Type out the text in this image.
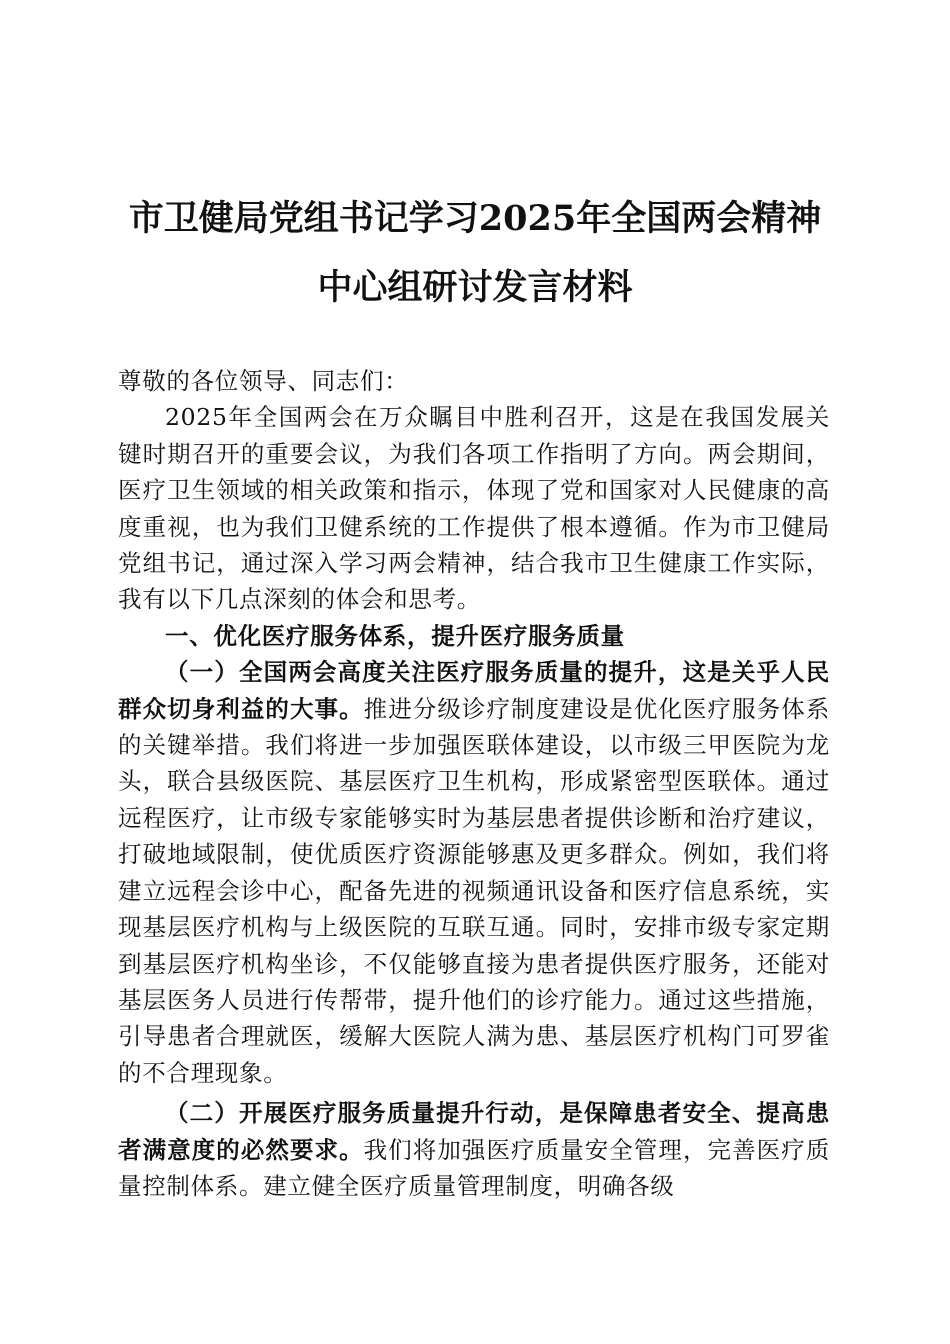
市卫健局党组书记学习2025年全国两会精神
中心组研讨发言材料

尊敬的各位领导、同志们：

2025年全国两会在万众瞩目中胜利召开，这是在我国发展关键时期召开的重要会议，为我们各项工作指明了方向。两会期间，医疗卫生领域的相关政策和指示，体现了党和国家对人民健康的高度重视，也为我们卫健系统的工作提供了根本遵循。作为市卫健局党组书记，通过深入学习两会精神，结合我市卫生健康工作实际，我有以下几点深刻的体会和思考。

一、优化医疗服务体系，提升医疗服务质量

（一）全国两会高度关注医疗服务质量的提升，这是关乎人民群众切身利益的大事。推进分级诊疗制度建设是优化医疗服务体系的关键举措。我们将进一步加强医联体建设，以市级三甲医院为龙头，联合县级医院、基层医疗卫生机构，形成紧密型医联体。通过远程医疗，让市级专家能够实时为基层患者提供诊断和治疗建议，打破地域限制，使优质医疗资源能够惠及更多群众。例如，我们将建立远程会诊中心，配备先进的视频通讯设备和医疗信息系统，实现基层医疗机构与上级医院的互联互通。同时，安排市级专家定期到基层医疗机构坐诊，不仅能够直接为患者提供医疗服务，还能对基层医务人员进行传帮带，提升他们的诊疗能力。通过这些措施，引导患者合理就医，缓解大医院人满为患、基层医疗机构门可罗雀的不合理现象。

（二）开展医疗服务质量提升行动，是保障患者安全、提高患者满意度的必然要求。我们将加强医疗质量安全管理，完善医疗质量控制体系。建立健全医疗质量管理制度，明确各级
